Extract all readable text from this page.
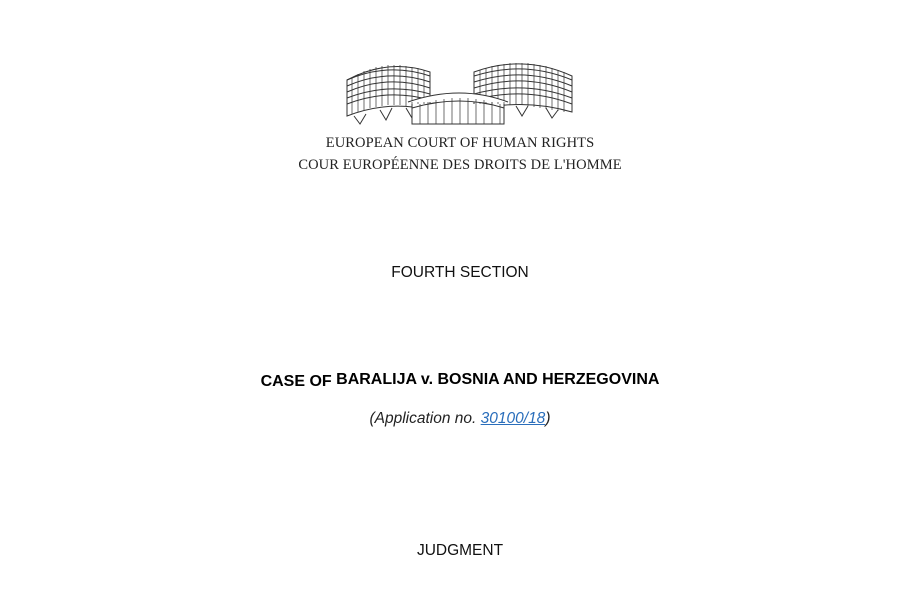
EUROPEAN COURT OF HUMAN RIGHTS
COUR EUROPÉENNE DES DROITS DE L'HOMME
FOURTH SECTION
CASE OF BARALIJA v. BOSNIA AND HERZEGOVINA
(Application no. 30100/18)
JUDGMENT
